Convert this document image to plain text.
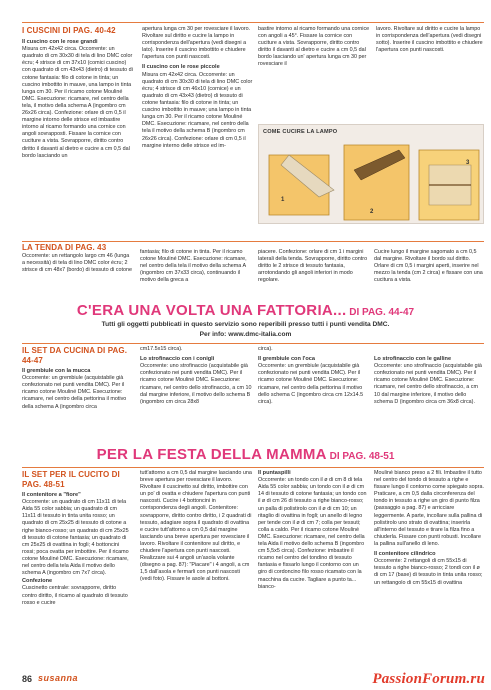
I CUSCINI DI PAG. 40-42
Il cuscino con le rose grandi

Misura cm 42x42 circa. Occorrente: un quadrato di cm 30x30 di tela di lino DMC color écru; 4 strisce di cm 37x10 (comici cuscino) con quadrato di cm 43x43 (dietro) di tessuto di cotone fantasia: filo di cotone in tinta; un cuscino imbottito in mauve, una lampo in tinta lunga cm 30. Per il ricamo cotone Mouliné DMC. Esecuzione: ricamare, nel centro della tela, il motivo della schema A (ingombro cm 26x26 circa). Confezione: orlare di cm 0,5 il margine intorno delle strisce ed imbastire intorno al ricamo formando una cornice con angoli sovrapposti. Fissare la cornice con cuciture a vista. Sovrapporre, diritto contro diritto il davanti al dietro e cucire a cm 0,5 dal bordo lasciando un

apertura lunga cm 30 per rovesciare il lavoro. Rivoltare sul diritto e cucire la lampo in corrispondenza dell'apertura (vedi disegni a lato). Inserire il cuscino imbottito e chiudere l'apertura con punti nascosti.

Il cuscino con le rose piccole

Misura cm 42x42 circa. Occorrente: un quadrato di cm 30x30 di tela di lino DMC color écru; 4 strisce di cm 46x10 (cornice) e un quadrato di cm 43x43 (dietro) di tessuto di cotone fantasia: filo di cotone in tinta; un cuscino imbottito in mauve; una lampo in tinta lunga cm 30. Per il ricamo cotone Mouliné DMC. Esecuzione: ricamare, nel centro della tela il motivo della schema B (ingombro cm 26x26 circa). Confezione: orlare di cm 0,5 il margine interno delle strisce ed im-

bastire intorno al ricamo formando una cornice con angoli a 45°. Fissare la cornice con cuciture a vista. Sovrapporre, diritto contro diritto il davanti al dietro e cucire a cm 0,5 dal bordo lasciando un' apertura lunga cm 30 per rovesciare il

lavoro. Rivoltare sul diritto e cucire la lampo in corrispondenza dell'apertura (vedi disegni sotto). Inserire il cuscino imbottito e chiudere l'apertura con punti nascosti.

COME CUCIRE LA LAMPO
1
2
3
LA TENDA DI PAG. 43

Occorrente: un rettangolo largo cm 46 (lunga a necessità) di tela di lino DMC color écru; 2 strisce di cm 48x7 (bordo) di tessuto di cotone

fantasia; filo di cotone in tinta. Per il ricamo cotone Mouliné DMC. Esecuzione: ricamare, nel centro della tela il motivo della schema A (ingombro cm 37x33 circa), continuando il motivo della greca a

piacere. Confezione: orlare di cm 1 i margini laterali della tenda. Sovrapporre, diritto contro diritto le 2 strisce di tessuto fantasia, arrotondando gli angoli inferiori in modo regolare.

Cucire lungo il margine sagomato a cm 0,5 dal margine. Rivoltare il bordo sul diritto. Orlare di cm 0,5 i margini aperti, inserire nel mezzo la tenda (cm 2 circa) e fissare con una cucitura a vista.

C'ERA UNA VOLTA UNA FATTORIA... DI PAG. 44-47
Tutti gli oggetti pubblicati in questo servizio sono reperibili presso tutti i punti vendita DMC.
Per info: www.dmc-italia.com
IL SET DA CUCINA DI PAG. 44-47
Il grembiule con la mucca

Occorrente: un grembiule (acquistabile già confezionato nei punti vendita DMC). Per il ricamo cotone Mouliné DMC. Esecuzione: ricamare, nel centro della pettorina il motivo della schema A (ingombro circa

cm17.5x15 circa).

Lo strofinaccio con i conigli

Occorrente: uno strofinaccio (acquistabile già confezionato nei punti vendita DMC). Per il ricamo cotone Mouliné DMC. Esecuzione: ricamare, nel centro dello strofinaccio, a cm 10 dal margine inferiore, il motivo dello schema B (ingombro cm circa 28x8

circa).

Il grembiule con l'oca

Occorrente: un grembiule (acquistabile già confezionato nei punti vendita DMC). Per il ricamo cotone Mouliné DMC. Esecuzione: ricamare, nel centro della pettorina il motivo dello schema C (ingombro circa cm 12x14.5 circa).

Lo strofinaccio con le galline

Occorrente: uno strofinaccio (acquistabile già confezionato nei punti vendita DMC). Per il ricamo cotone Mouliné DMC. Esecuzione: ricamare, nel centro dello strofinaccio, a cm 10 dal margine inferiore, il motivo dello schema D (ingombro circa cm 36x8 circa).

PER LA FESTA DELLA MAMMA DI PAG. 48-51
IL SET PER IL CUCITO DI PAG. 48-51
Il contenitore a "fiore"

Occorrente: un quadrato di cm 11x11 di tela Aida 55 color sabbia; un quadrato di cm 11x11 di tessuto in tinta unita rosso; un quadrato di cm 25x25 di tessuto di cotone a righe bianco-rosso; un quadrato di cm 25x25 di tessuto di cotone fantasia; un quadrato di cm 25x25 di ovattina in fogli; 4 bottoncini rossi; poca ovatta per imbottire. Per il ricamo cotone Mouliné DMC. Esecuzione: ricamare, nel centro della tela Aida il motivo dello schema A (ingombro cm 7x7 circa).

Confezione

Cuscinetto centrale: sovrapporre, diritto contro diritto, il ricamo al quadrato di tessuto rosso e cucire

tutt'attorno a cm 0,5 dal margine lasciando una breve apertura per rovesciare il lavoro. Rivoltare il cuscinetto sul diritto, imbottire con un po' di ovatta e chiudere l'apertura con punti nascosti. Cucire i 4 bottoncini in corrispondenza degli angoli. Contenitore: sovrapporre, diritto contro diritto, i 2 quadrati di tessuto, adagiare sopra il quadrato di ovattina e cucire tutt'attorno a cm 0,5 dal margine lasciando una breve apertura per rovesciare il lavoro. Rivoltare il contenitore sul diritto, e chiudere l'apertura con punti nascosti. Realizzare sui 4 angoli un'asola volante (disegno a pag. 87): "Piacare" i 4 angoli, a cm 1,5 dall'asola e fermarli con punti nascosti (vedi foto). Fissare le asole al bottoni.

Il puntaspilli

Occorrente: un tondo con il ø di cm 8 di tela Aida 55 color sabbia; un tondo con il ø di cm 14 di tessuto di cotone fantasia; un tondo con il ø di cm 26 di tessuto a righe bianco-rosso; un palla di polistirolo con il ø di cm 10; un ritaglio di ovattina in fogli; un anello di legno per tende con il ø di cm 7; colla per tessuti; colla a caldo. Per il ricamo cotone Mouliné DMC. Esecuzione: ricamare, nel centro della tela Aida il motivo dello schema B (ingombro cm 5,5x5 circa). Confezione: imbastire il ricamo nel centro del tondino di tessuto fantasia e fissarlo lungo il contorno con un giro di cordoncino filo rosso ricamato con la macchina da cucire. Tagliare a punto ta... bianco-

Mouliné bianco preso a 2 fili. Imbastire il tutto nel centro del tondo di tessuto a righe e fissare lungo il contorno come spiegato sopra. Praticare, a cm 0,5 dalla circonferenza del tondo in tessuto a righe un giro di punto filza (passaggio a pag. 87) e arricciare leggermente. A parte, incollare sulla pallina di polistirolo uno strato di ovattina; inserirla all'interno del tessuto e tirare la filza fino a chiuderla. Fissare con punti robusti. Incollare la pallina sull'anello di leno.

Il contenitore cilindrico

Occorrente: 2 rettangoli di cm 55x15 di tessuto a righe bianco-rosso; 2 tondi con il ø di cm 17 (base) di tessuto in tinta unita rosso; un rettangolo di cm 55x15 di ovattina

86 susanna	PassionForum.ru
